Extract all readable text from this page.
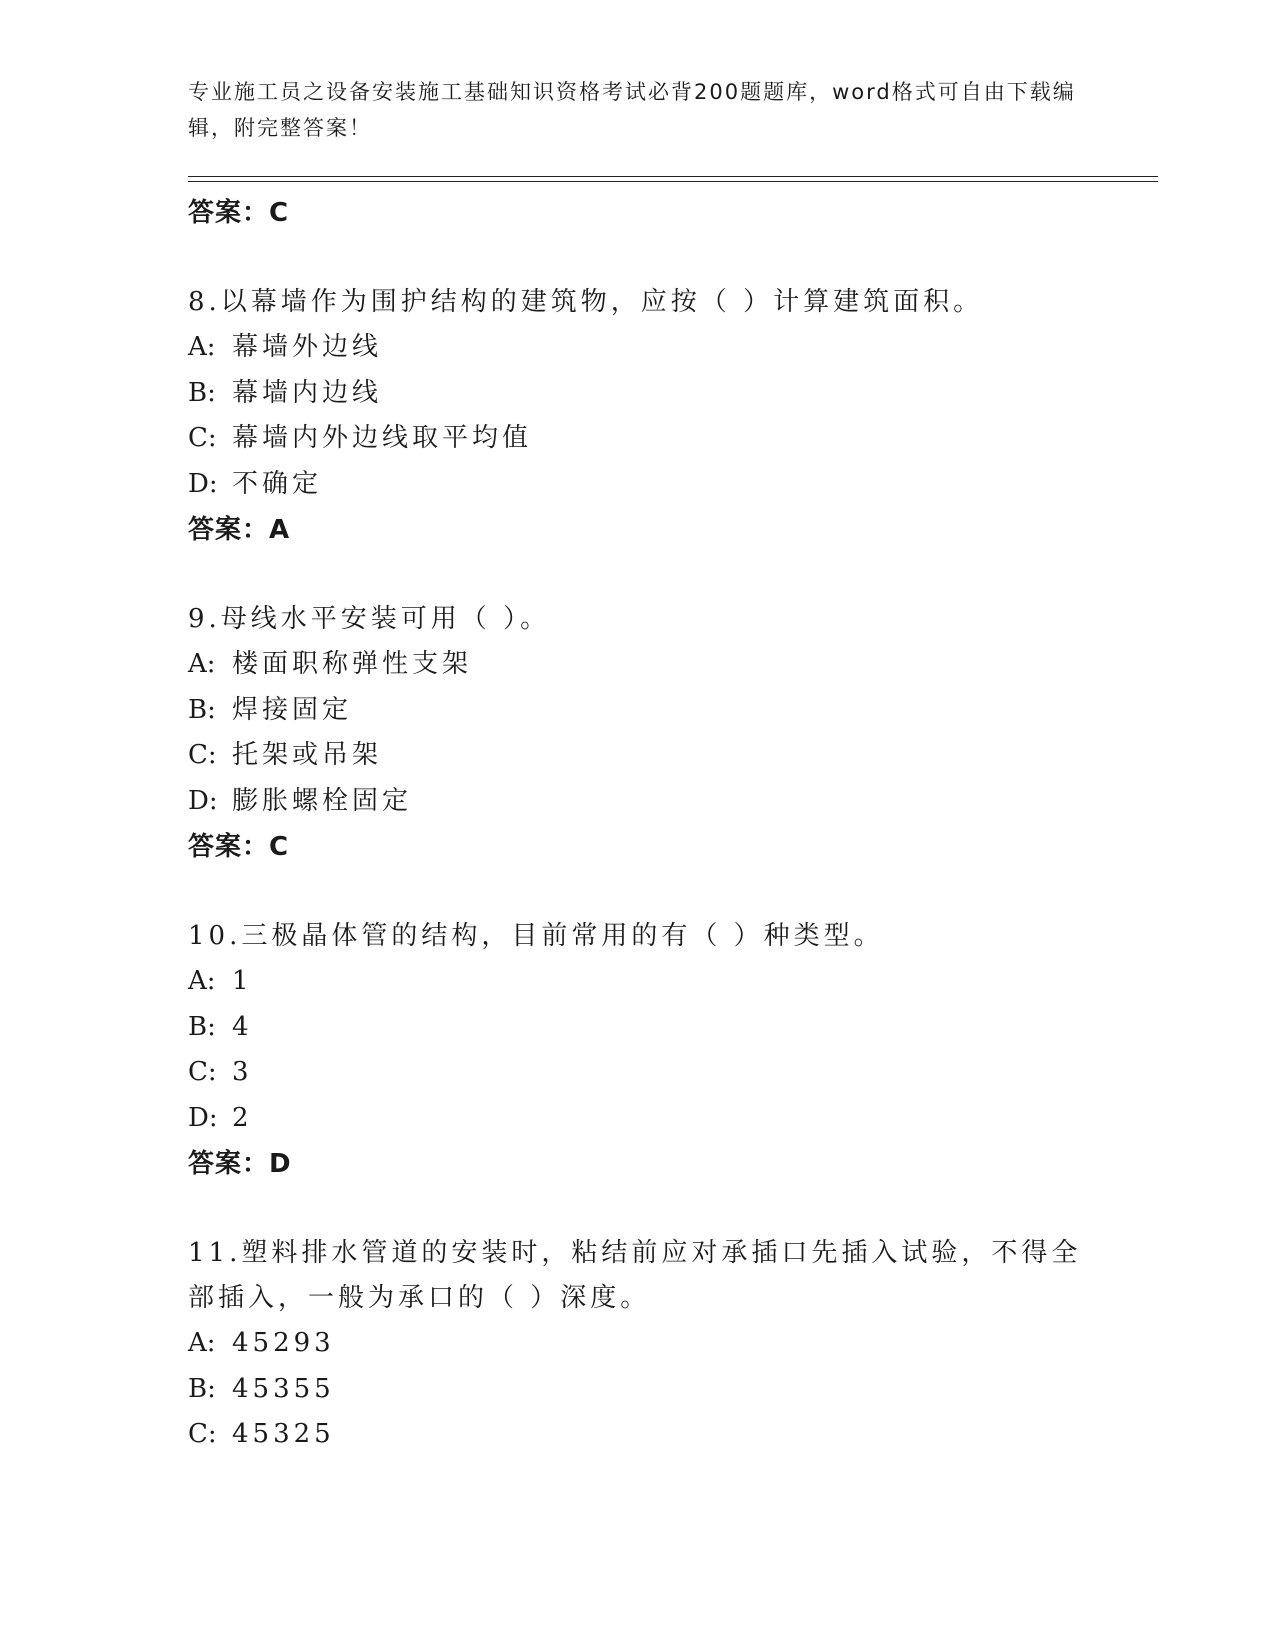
专业施工员之设备安装施工基础知识资格考试必背200题题库，word格式可自由下载编辑，附完整答案！
答案：C
8.以幕墙作为围护结构的建筑物，应按（ ）计算建筑面积。
A: 幕墙外边线
B: 幕墙内边线
C: 幕墙内外边线取平均值
D: 不确定
答案：A
9.母线水平安装可用（ ）。
A: 楼面职称弹性支架
B: 焊接固定
C: 托架或吊架
D: 膨胀螺栓固定
答案：C
10.三极晶体管的结构，目前常用的有（ ）种类型。
A: 1
B: 4
C: 3
D: 2
答案：D
11.塑料排水管道的安装时，粘结前应对承插口先插入试验，不得全部插入，一般为承口的（ ）深度。
A: 45293
B: 45355
C: 45325
